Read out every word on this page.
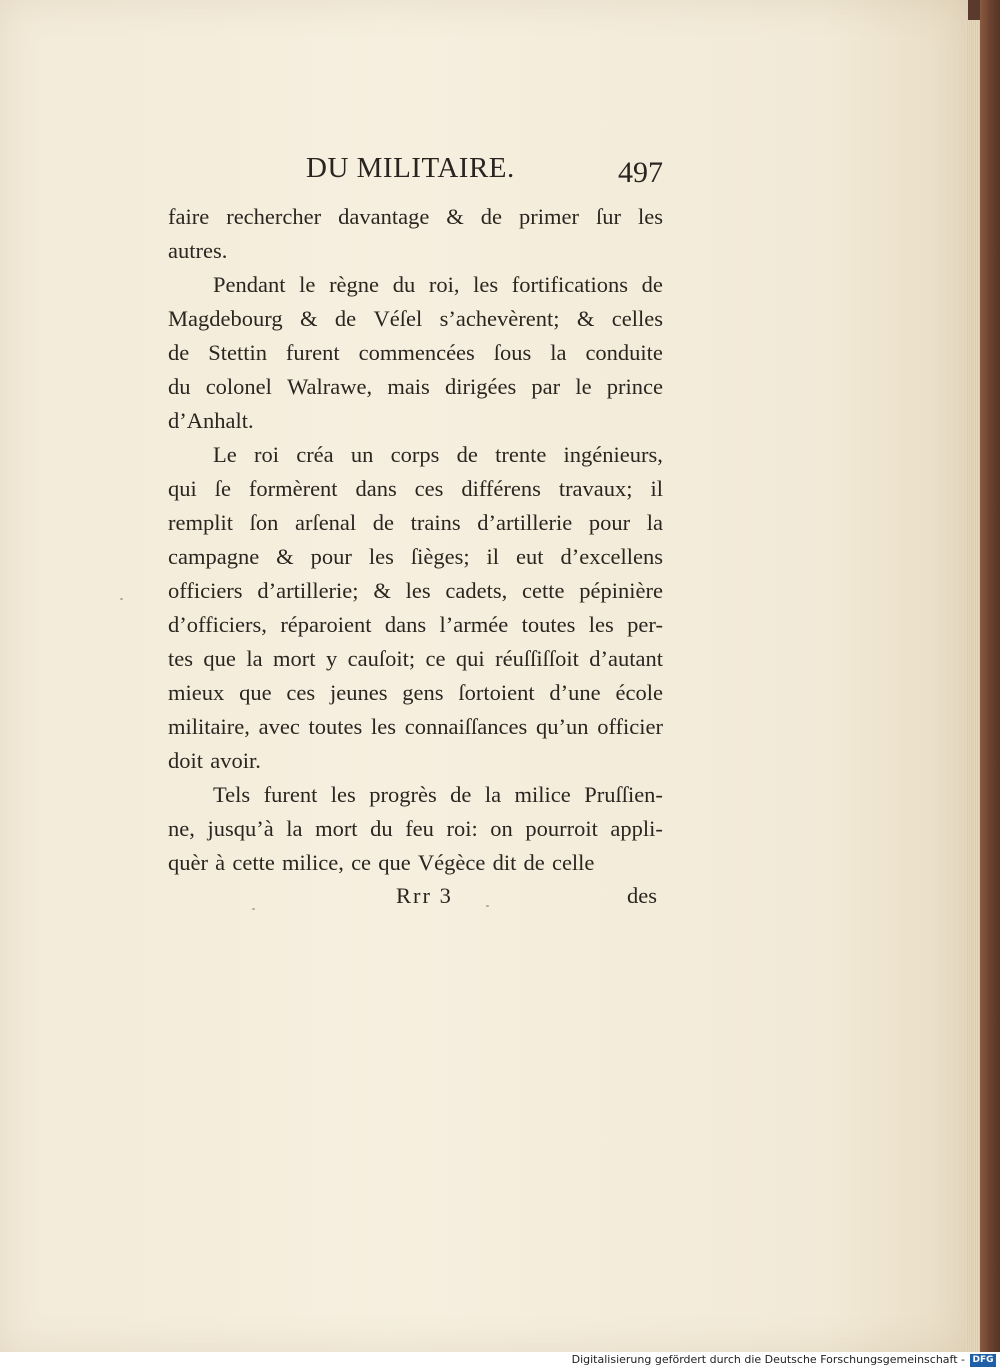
DU MILITAIRE.	497
faire rechercher davantage & de primer ſur les
autres.
Pendant le règne du roi, les fortifications de
Magdebourg & de Véſel s’achevèrent; & celles
de Stettin furent commencées ſous la conduite
du colonel Walrawe, mais dirigées par le prince
d’Anhalt.
Le roi créa un corps de trente ingénieurs,
qui ſe formèrent dans ces différens travaux; il
remplit ſon arſenal de trains d’artillerie pour la
campagne & pour les ſièges; il eut d’excellens
officiers d’artillerie; & les cadets, cette pépinière
d’officiers, réparoient dans l’armée toutes les per-
tes que la mort y cauſoit; ce qui réuſſiſſoit d’autant
mieux que ces jeunes gens ſortoient d’une école
militaire, avec toutes les connaiſſances qu’un officier
doit avoir.
Tels furent les progrès de la milice Pruſſien-
ne, jusqu’à la mort du feu roi: on pourroit appli-
quèr à cette milice, ce que Végèce dit de celle
Rrr 3	des
Digitalisierung gefördert durch die Deutsche Forschungsgemeinschaft - DFG
